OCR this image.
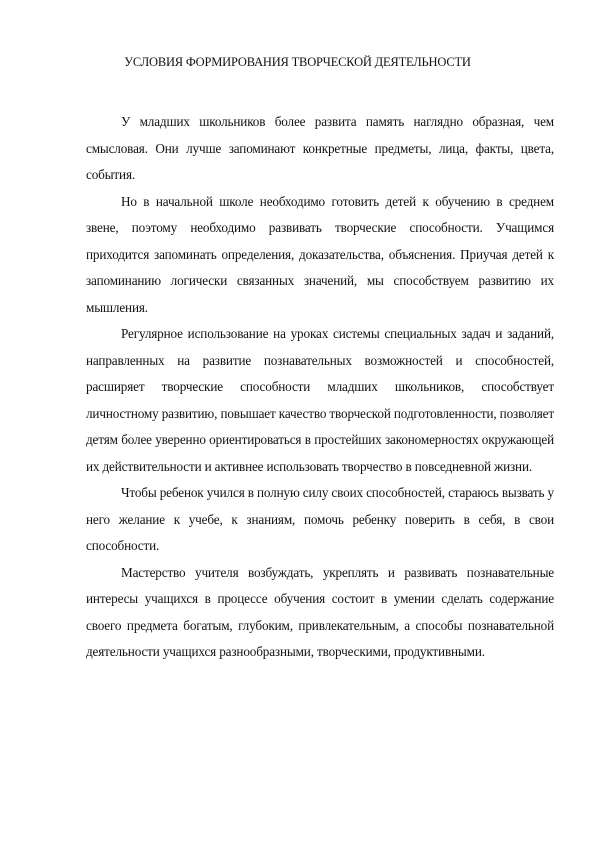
УСЛОВИЯ ФОРМИРОВАНИЯ ТВОРЧЕСКОЙ ДЕЯТЕЛЬНОСТИ

У младших школьников более развита память наглядно образная, чем смысловая. Они лучше запоминают конкретные предметы, лица, факты, цвета, события.

Но в начальной школе необходимо готовить детей к обучению в среднем звене, поэтому необходимо развивать творческие способности. Учащимся приходится запоминать определения, доказательства, объяснения. Приучая детей к запоминанию логически связанных значений, мы способствуем развитию их мышления.

Регулярное использование на уроках системы специальных задач и заданий, направленных на развитие познавательных возможностей и способностей, расширяет творческие способности младших школьников, способствует личностному развитию, повышает качество творческой подготовленности, позволяет детям более уверенно ориентироваться в простейших закономерностях окружающей их действительности и активнее использовать творчество в повседневной жизни.

Чтобы ребенок учился в полную силу своих способностей, стараюсь вызвать у него желание к учебе, к знаниям, помочь ребенку поверить в себя, в свои способности.

Мастерство учителя возбуждать, укреплять и развивать познавательные интересы учащихся в процессе обучения состоит в умении сделать содержание своего предмета богатым, глубоким, привлекательным, а способы познавательной деятельности учащихся разнообразными, творческими, продуктивными.
